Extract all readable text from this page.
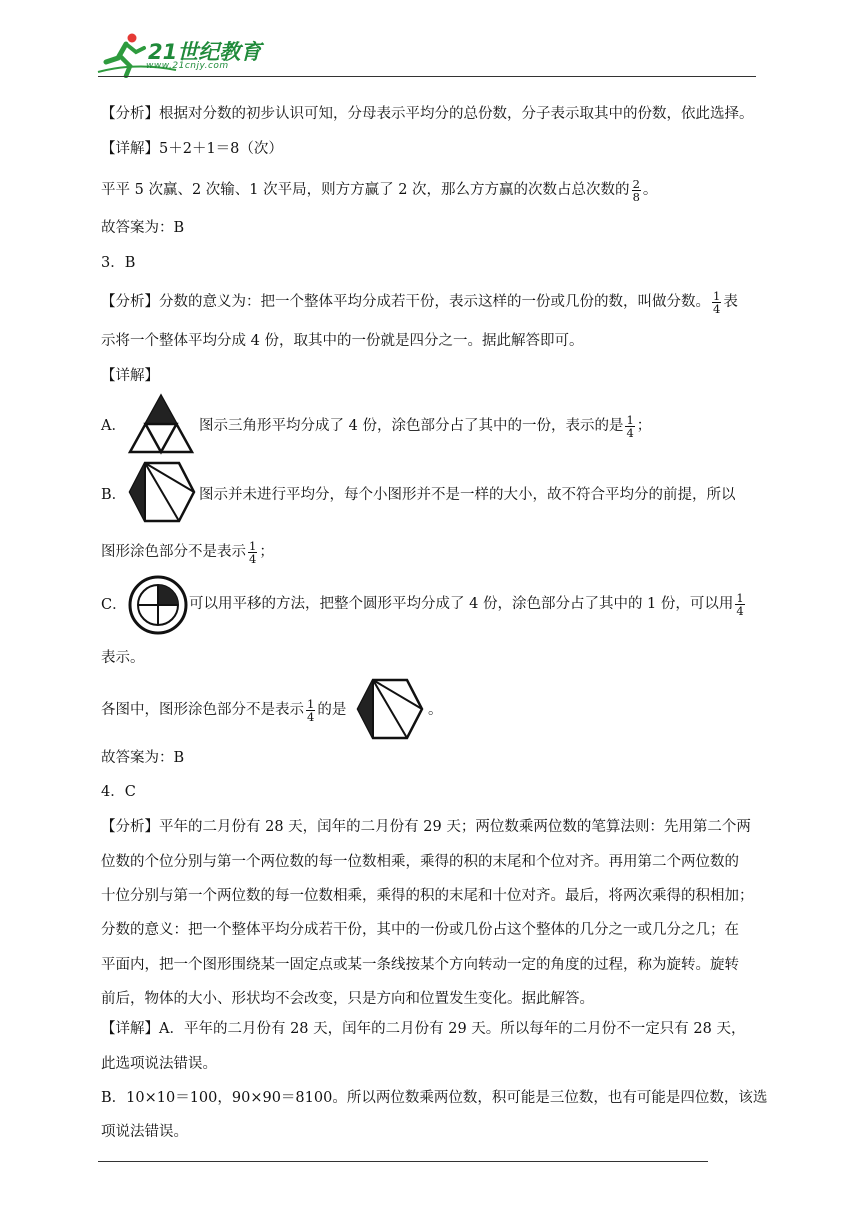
21世纪教育
www.21cnjy.com
【分析】根据对分数的初步认识可知，分母表示平均分的总份数，分子表示取其中的份数，依此选择。
【详解】5＋2＋1＝8（次）
平平 5 次赢、2 次输、1 次平局，则方方赢了 2 次，那么方方赢的次数占总次数的 $\frac{2}{8}$ 。
故答案为：B
3．B
【分析】分数的意义为：把一个整体平均分成若干份，表示这样的一份或几份的数，叫做分数。 $\frac{1}{4}$ 表
示将一个整体平均分成 4 份，取其中的一份就是四分之一。据此解答即可。
【详解】
A．	图示三角形平均分成了 4 份，涂色部分占了其中的一份，表示的是 $\frac{1}{4}$ ；
B．	图示并未进行平均分，每个小图形并不是一样的大小，故不符合平均分的前提，所以
图形涂色部分不是表示 $\frac{1}{4}$ ；
C．	可以用平移的方法，把整个圆形平均分成了 4 份，涂色部分占了其中的 1 份，可以用 $\frac{1}{4}$
表示。
各图中，图形涂色部分不是表示 $\frac{1}{4}$ 的是	。
故答案为：B
4．C
【分析】平年的二月份有 28 天，闰年的二月份有 29 天；两位数乘两位数的笔算法则：先用第二个两
位数的个位分别与第一个两位数的每一位数相乘，乘得的积的末尾和个位对齐。再用第二个两位数的
十位分别与第一个两位数的每一位数相乘，乘得的积的末尾和十位对齐。最后，将两次乘得的积相加；
分数的意义：把一个整体平均分成若干份，其中的一份或几份占这个整体的几分之一或几分之几；在
平面内，把一个图形围绕某一固定点或某一条线按某个方向转动一定的角度的过程，称为旋转。旋转
前后，物体的大小、形状均不会改变，只是方向和位置发生变化。据此解答。
【详解】A．平年的二月份有 28 天，闰年的二月份有 29 天。所以每年的二月份不一定只有 28 天，
此选项说法错误。
B．10×10＝100，90×90＝8100。所以两位数乘两位数，积可能是三位数，也有可能是四位数，该选
项说法错误。
